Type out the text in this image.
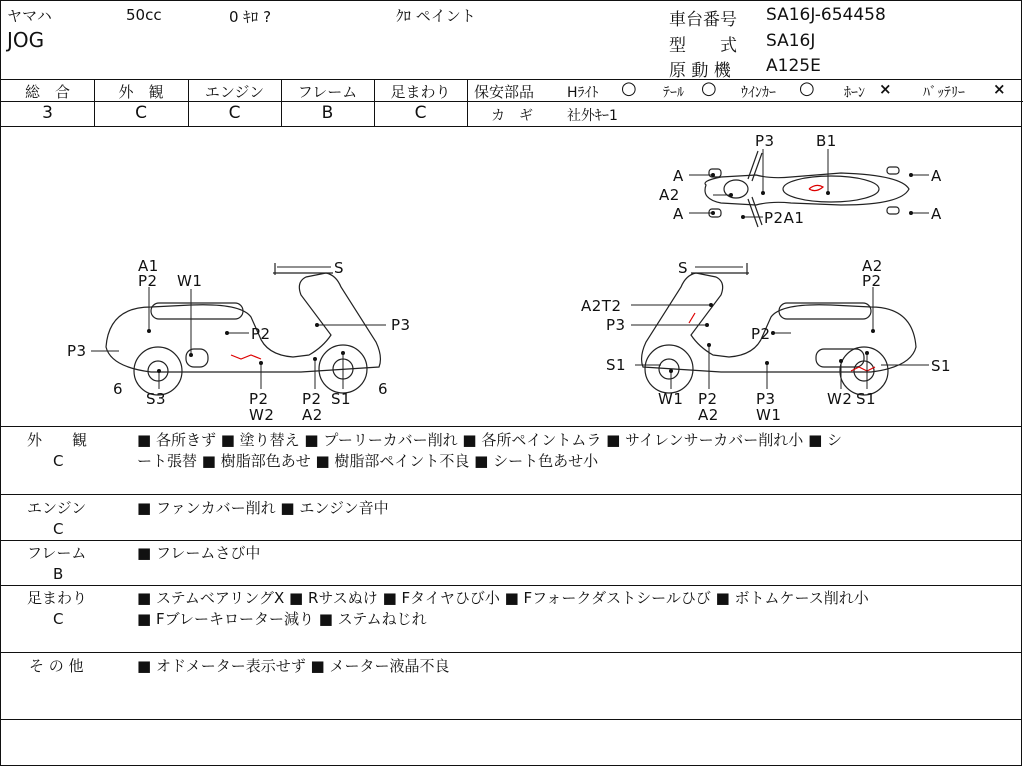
ヤマハ	50cc	0 ｷﾛ ?	ｸﾛ ペイント
JOG
車台番号 SA16J-654458
型　　式 SA16J
原 動 機 A125E
総　合
3
外　観
C
エンジン
C
フレーム
B
足まわり
C
保安部品 Hﾗｲﾄ ○ ﾃｰﾙ ○ ｳｲﾝｶｰ ○ ﾎｰﾝ × ﾊﾞｯﾃﾘｰ ×
カ　ギ 社外ｷｰ1
P3	B1
A
A2
A	P2A1
A
A
A1
P2 W1
P2
P3
S
P3
6
S3	P2
W2
P2
A2
S1
6
S	A2
P2
A2T2
P3	P2
S1	S1
W1 P2
A2
P3
W1
W2 S1
外　　観
C
■ 各所きず ■ 塗り替え ■ プーリーカバー削れ ■ 各所ペイントムラ ■ サイレンサーカバー削れ小 ■ シ
ート張替 ■ 樹脂部色あせ ■ 樹脂部ペイント不良 ■ シート色あせ小
エンジン
C
■ ファンカバー削れ ■ エンジン音中
フレーム
B
■ フレームさび中
足まわり
C
■ ステムベアリングX ■ Rサスぬけ ■ Fタイヤひび小 ■ Fフォークダストシールひび ■ ボトムケース削れ小
■ Fブレーキローター減り ■ ステムねじれ
そ の 他	■ オドメーター表示せず ■ メーター液晶不良
